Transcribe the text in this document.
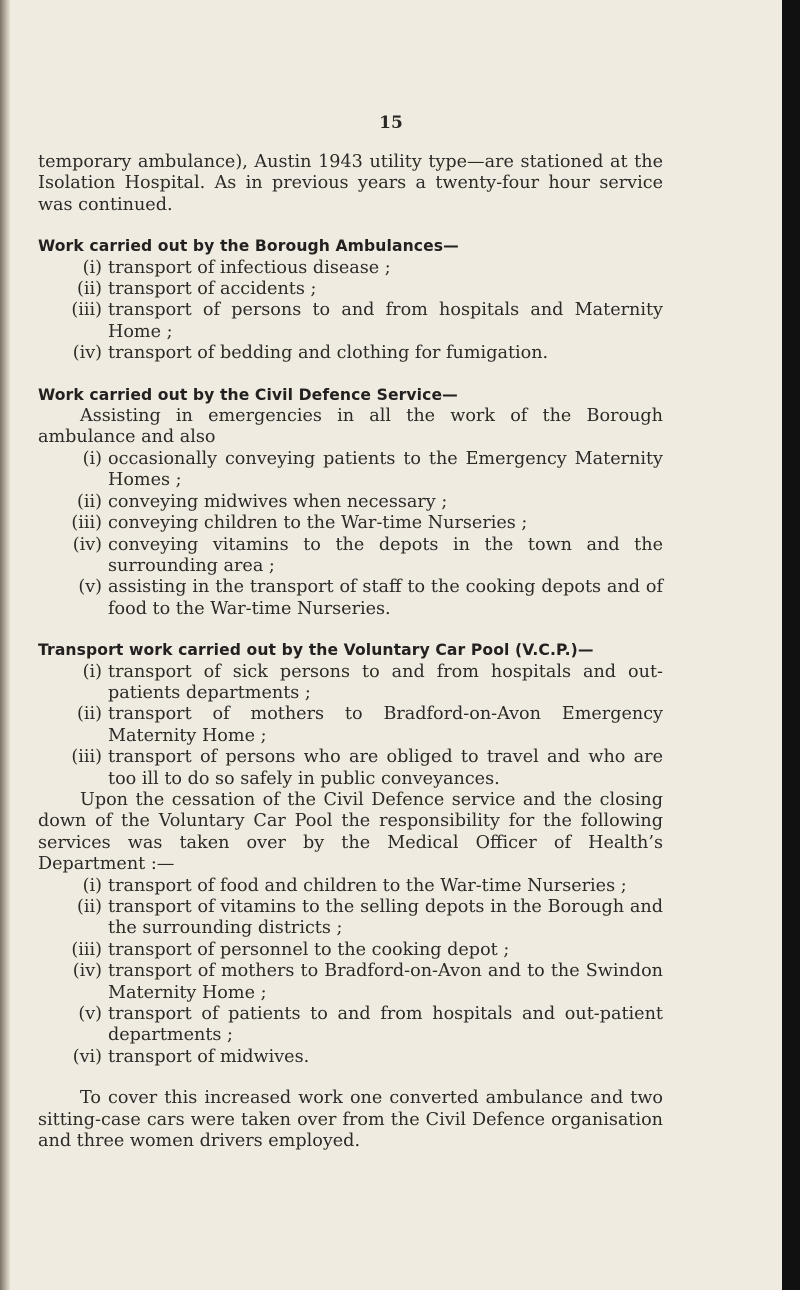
15

temporary ambulance), Austin 1943 utility type—are stationed at the Isolation Hospital. As in previous years a twenty-four hour service was continued.

Work carried out by the Borough Ambulances—
(i) transport of infectious disease ;
(ii) transport of accidents ;
(iii) transport of persons to and from hospitals and Maternity Home ;
(iv) transport of bedding and clothing for fumigation.
Work carried out by the Civil Defence Service—

Assisting in emergencies in all the work of the Borough ambulance and also

(i) occasionally conveying patients to the Emergency Maternity Homes ;
(ii) conveying midwives when necessary ;
(iii) conveying children to the War-time Nurseries ;
(iv) conveying vitamins to the depots in the town and the surrounding area ;
(v) assisting in the transport of staff to the cooking depots and of food to the War-time Nurseries.
Transport work carried out by the Voluntary Car Pool (V.C.P.)—
(i) transport of sick persons to and from hospitals and out-patients departments ;
(ii) transport of mothers to Bradford-on-Avon Emergency Maternity Home ;
(iii) transport of persons who are obliged to travel and who are too ill to do so safely in public conveyances.

Upon the cessation of the Civil Defence service and the closing down of the Voluntary Car Pool the responsibility for the following services was taken over by the Medical Officer of Health’s Department :—

(i) transport of food and children to the War-time Nurseries ;
(ii) transport of vitamins to the selling depots in the Borough and the surrounding districts ;
(iii) transport of personnel to the cooking depot ;
(iv) transport of mothers to Bradford-on-Avon and to the Swindon Maternity Home ;
(v) transport of patients to and from hospitals and out-patient departments ;
(vi) transport of midwives.

To cover this increased work one converted ambulance and two sitting-case cars were taken over from the Civil Defence organisation and three women drivers employed.
